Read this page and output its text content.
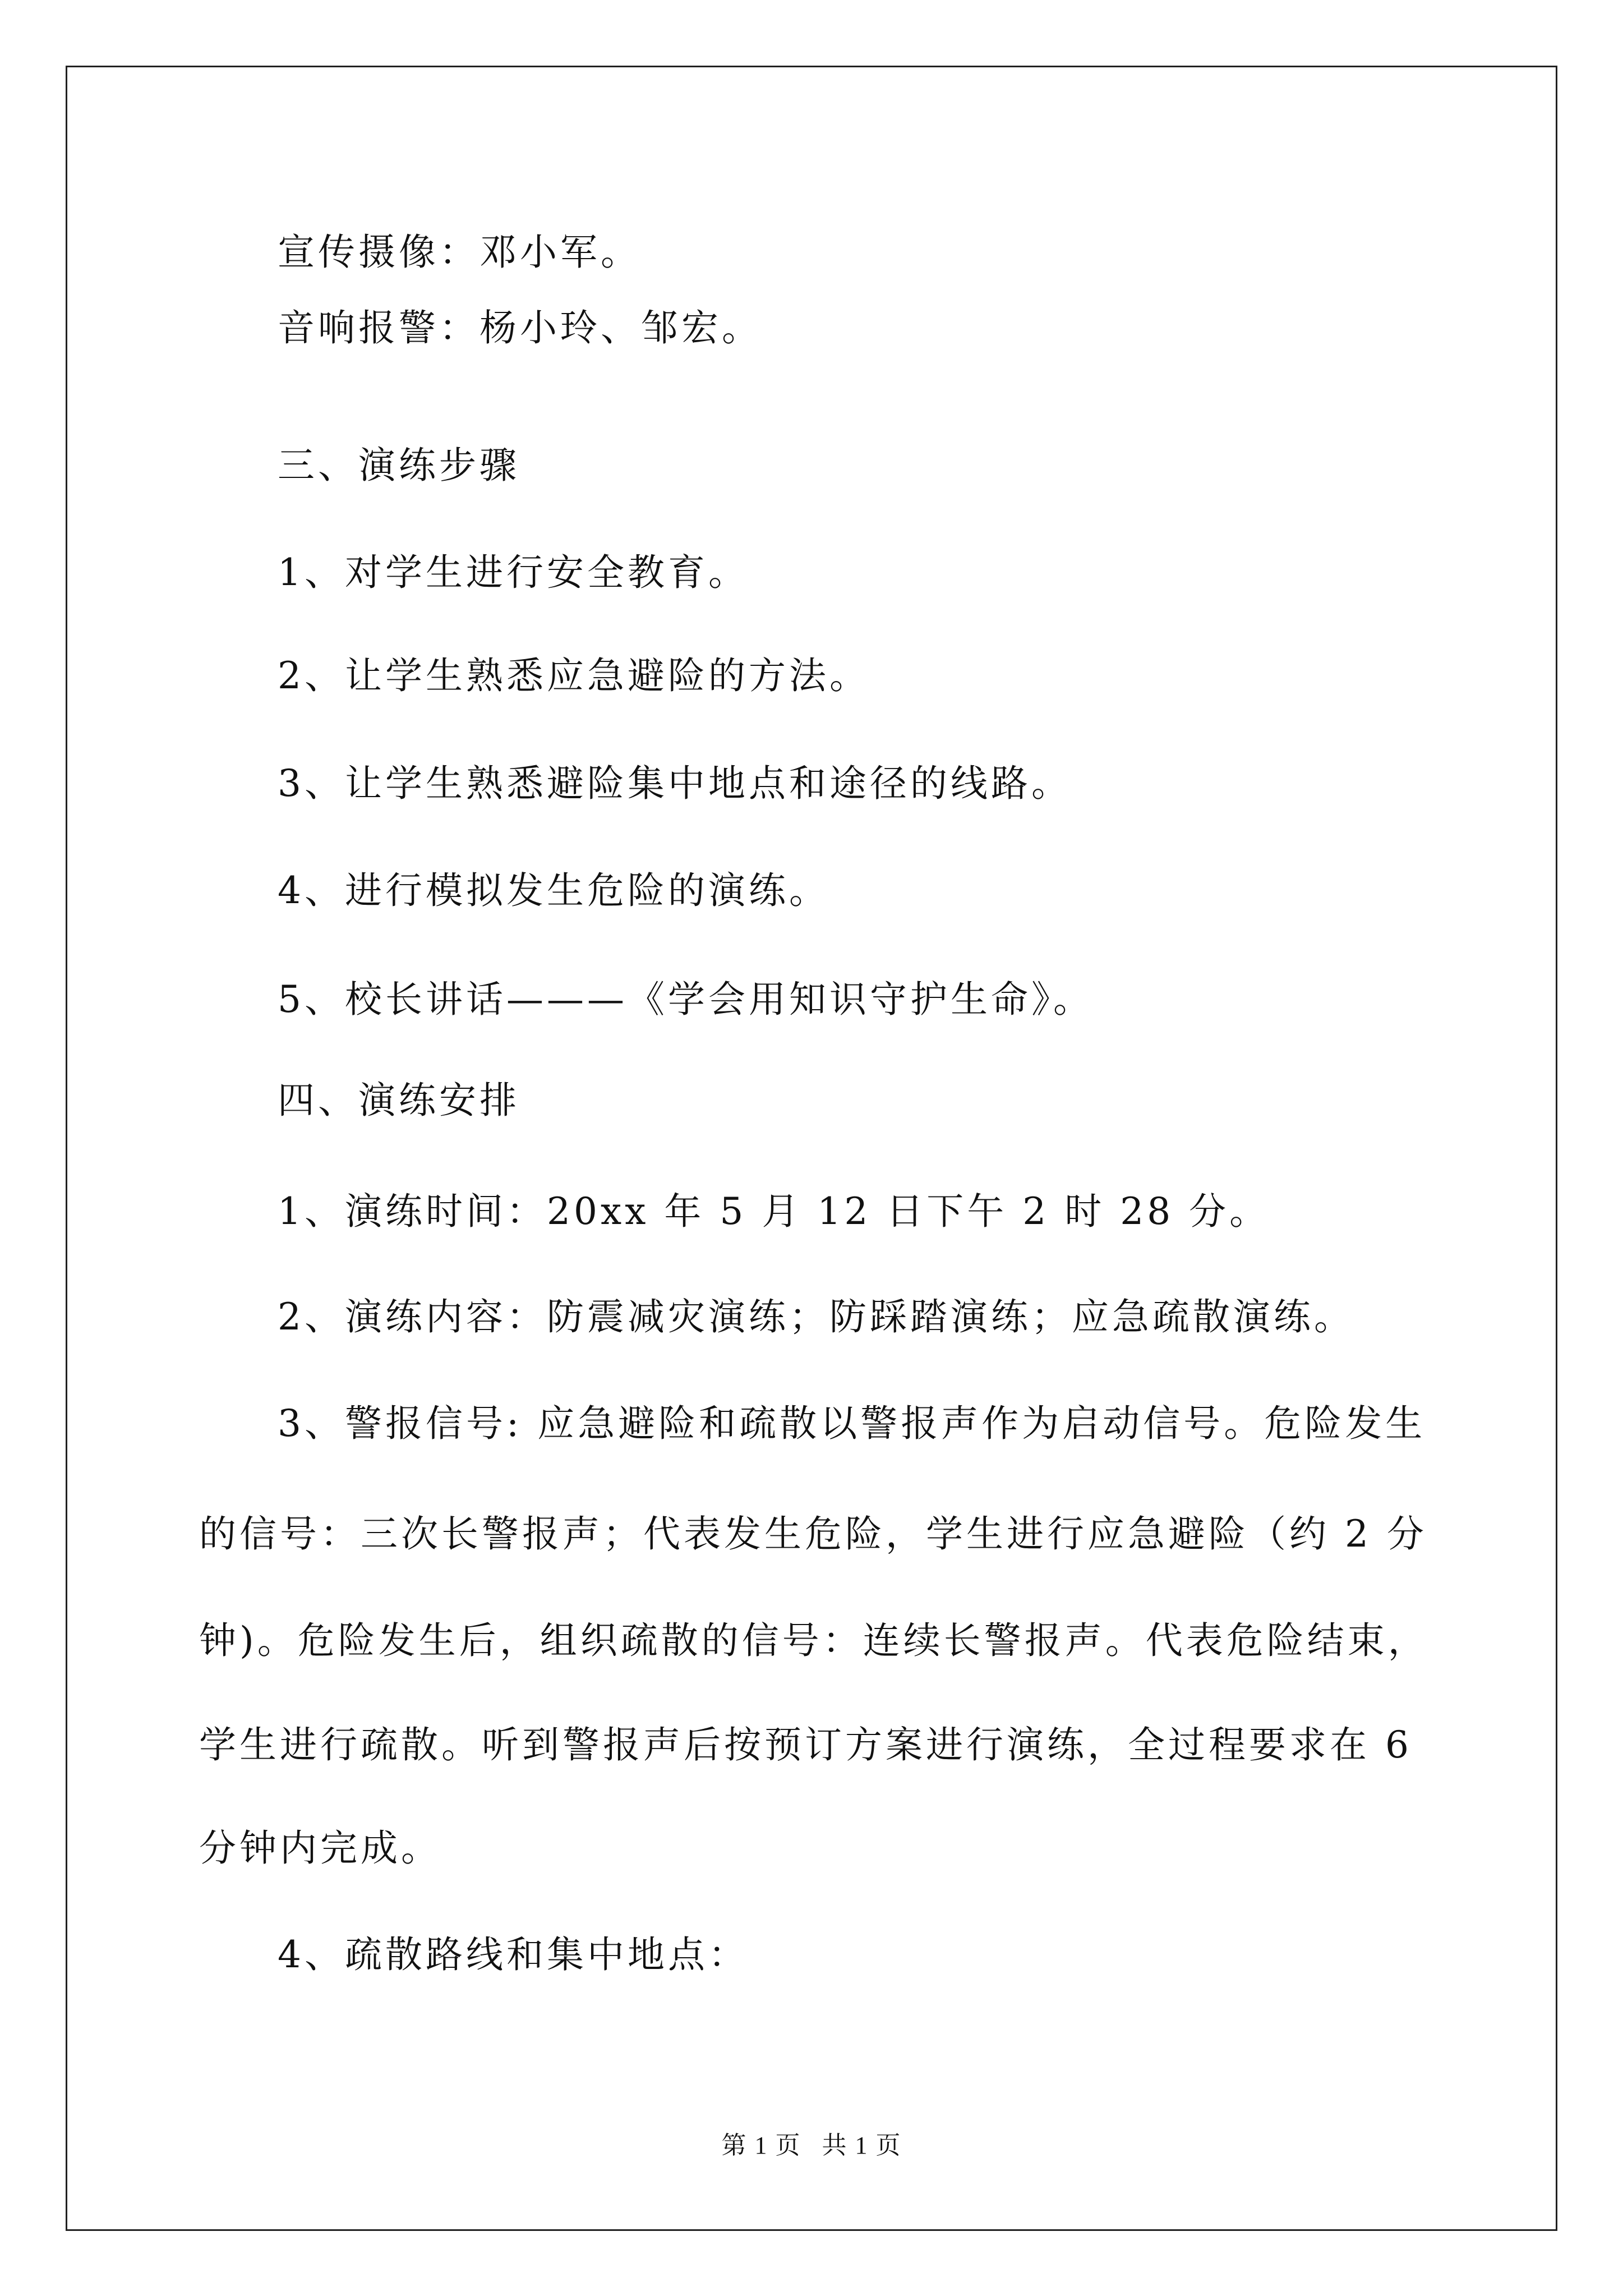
宣传摄像：邓小军。
音响报警：杨小玲、邹宏。
三、演练步骤
1、对学生进行安全教育。
2、让学生熟悉应急避险的方法。
3、让学生熟悉避险集中地点和途径的线路。
4、进行模拟发生危险的演练。
5、校长讲话———《学会用知识守护生命》。
四、演练安排
1、演练时间：20xx 年 5 月 12 日下午 2 时 28 分。
2、演练内容：防震减灾演练；防踩踏演练；应急疏散演练。
3、警报信号: 应急避险和疏散以警报声作为启动信号。危险发生
的信号：三次长警报声；代表发生危险，学生进行应急避险（约 2 分
钟)。危险发生后，组织疏散的信号：连续长警报声。代表危险结束，
学生进行疏散。听到警报声后按预订方案进行演练，全过程要求在 6
分钟内完成。
4、疏散路线和集中地点：
第 1 页 共 1 页
